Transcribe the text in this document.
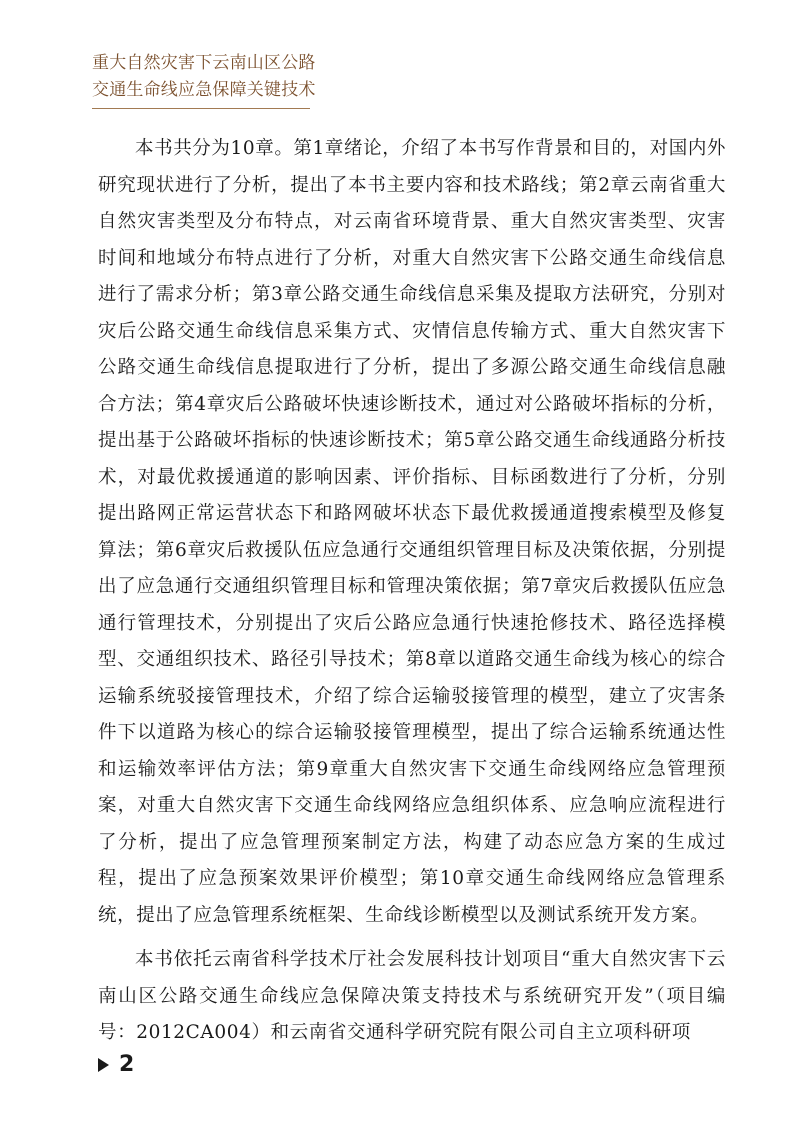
重大自然灾害下云南山区公路
交通生命线应急保障关键技术

本书共分为10章。第1章绪论，介绍了本书写作背景和目的，对国内外研究现状进行了分析，提出了本书主要内容和技术路线；第2章云南省重大自然灾害类型及分布特点，对云南省环境背景、重大自然灾害类型、灾害时间和地域分布特点进行了分析，对重大自然灾害下公路交通生命线信息进行了需求分析；第3章公路交通生命线信息采集及提取方法研究，分别对灾后公路交通生命线信息采集方式、灾情信息传输方式、重大自然灾害下公路交通生命线信息提取进行了分析，提出了多源公路交通生命线信息融合方法；第4章灾后公路破坏快速诊断技术，通过对公路破坏指标的分析，提出基于公路破坏指标的快速诊断技术；第5章公路交通生命线通路分析技术，对最优救援通道的影响因素、评价指标、目标函数进行了分析，分别提出路网正常运营状态下和路网破坏状态下最优救援通道搜索模型及修复算法；第6章灾后救援队伍应急通行交通组织管理目标及决策依据，分别提出了应急通行交通组织管理目标和管理决策依据；第7章灾后救援队伍应急通行管理技术，分别提出了灾后公路应急通行快速抢修技术、路径选择模型、交通组织技术、路径引导技术；第8章以道路交通生命线为核心的综合运输系统驳接管理技术，介绍了综合运输驳接管理的模型，建立了灾害条件下以道路为核心的综合运输驳接管理模型，提出了综合运输系统通达性和运输效率评估方法；第9章重大自然灾害下交通生命线网络应急管理预案，对重大自然灾害下交通生命线网络应急组织体系、应急响应流程进行了分析，提出了应急管理预案制定方法，构建了动态应急方案的生成过程，提出了应急预案效果评价模型；第10章交通生命线网络应急管理系统，提出了应急管理系统框架、生命线诊断模型以及测试系统开发方案。

本书依托云南省科学技术厅社会发展科技计划项目“重大自然灾害下云南山区公路交通生命线应急保障决策支持技术与系统研究开发”（项目编号：2012CA004）和云南省交通科学研究院有限公司自主立项科研项

2
